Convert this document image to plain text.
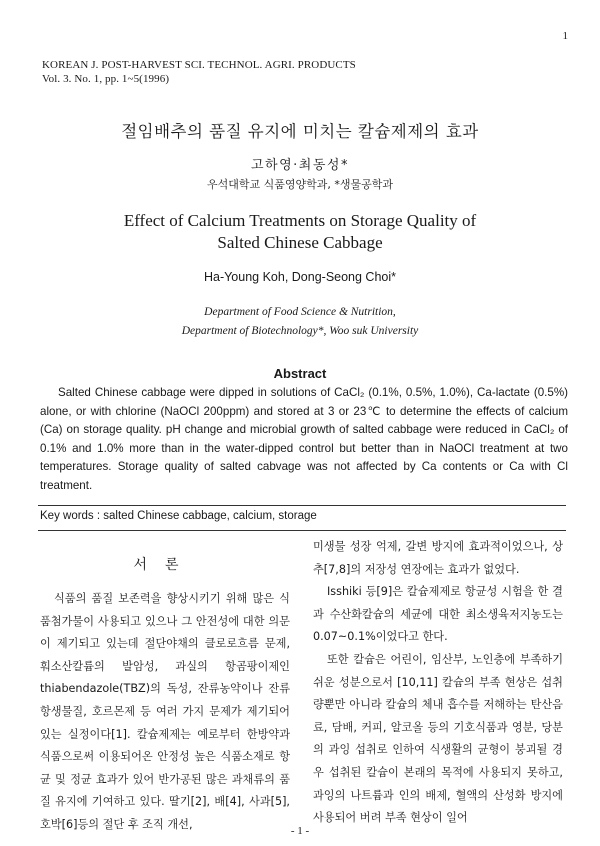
1
KOREAN J. POST-HARVEST SCI. TECHNOL. AGRI. PRODUCTS
Vol. 3. No. 1, pp. 1~5(1996)
절임배추의 품질 유지에 미치는 칼슘제제의 효과
고하영·최동성*
우석대학교 식품영양학과, *생물공학과
Effect of Calcium Treatments on Storage Quality of
Salted Chinese Cabbage
Ha-Young Koh, Dong-Seong Choi*
Department of Food Science & Nutrition,
Department of Biotechnology*, Woo suk University
Abstract

Salted Chinese cabbage were dipped in solutions of CaCl₂ (0.1%, 0.5%, 1.0%), Ca-lactate (0.5%) alone, or with chlorine (NaOCl 200ppm) and stored at 3 or 23℃ to determine the effects of calcium (Ca) on storage quality. pH change and microbial growth of salted cabbage were reduced in CaCl₂ of 0.1% and 1.0% more than in the water-dipped control but better than in NaOCl treatment at two temperatures. Storage quality of salted cabvage was not affected by Ca contents or Ca with Cl treatment.

Key words : salted Chinese cabbage, calcium, storage
서론

식품의 품질 보존력을 향상시키기 위해 많은 식품첨가물이 사용되고 있으나 그 안전성에 대한 의문이 제기되고 있는데 절단야채의 클로로흐름 문제, 훠소산칼륨의 발암성, 과실의 항곰팡이제인 thiabendazole(TBZ)의 독성, 잔류농약이나 잔류 항생물질, 호르몬제 등 여러 가지 문제가 제기되어 있는 실정이다[1]. 칼슘제제는 예로부터 한방약과 식품으로써 이용되어온 안정성 높은 식품소재로 항균 및 정균 효과가 있어 반가공된 많은 과채류의 품질 유지에 기여하고 있다. 딸기[2], 배[4], 사과[5], 호박[6]등의 절단 후 조직 개선,

미생물 성장 억제, 갈변 방지에 효과적이었으나, 상추[7,8]의 저장성 연장에는 효과가 없었다.

Isshiki 등[9]은 칼슘제제로 항균성 시험을 한 결과 수산화칼슘의 세균에 대한 최소생육저지농도는 0.07~0.1%이었다고 한다.

또한 칼슘은 어린이, 임산부, 노인층에 부족하기 쉬운 성분으로서 [10,11] 칼슘의 부족 현상은 섭취량뿐만 아니라 칼슘의 체내 흡수를 저해하는 탄산음료, 담배, 커피, 알코올 등의 기호식품과 영분, 당분의 과잉 섭취로 인하여 식생활의 균형이 붕괴될 경우 섭취된 칼슘이 본래의 목적에 사용되지 못하고, 과잉의 나트륨과 인의 배제, 혈액의 산성화 방지에 사용되어 버려 부족 현상이 일어

- 1 -
